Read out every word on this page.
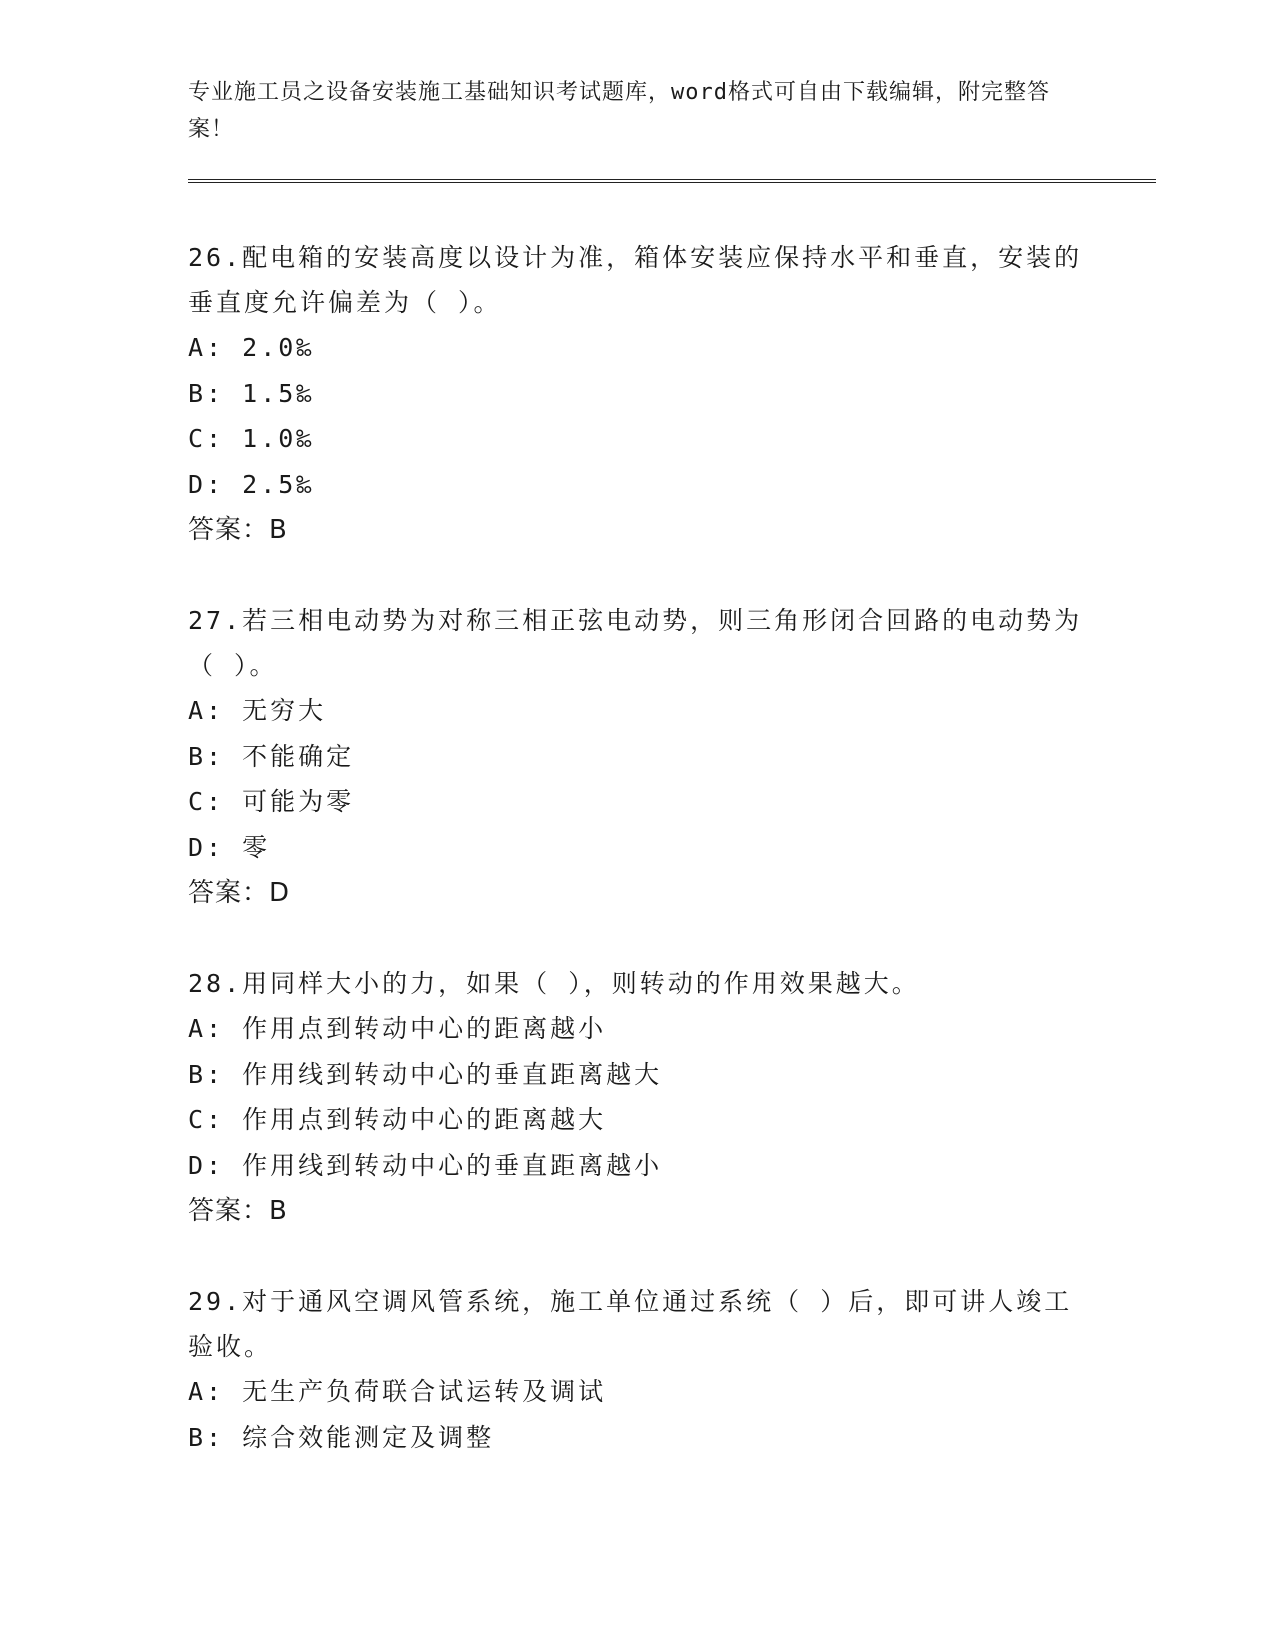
专业施工员之设备安装施工基础知识考试题库，word格式可自由下载编辑，附完整答案！

26.配电箱的安装高度以设计为准，箱体安装应保持水平和垂直，安装的垂直度允许偏差为（ ）。

A: 2.0‰

B: 1.5‰

C: 1.0‰

D: 2.5‰

答案：B

27.若三相电动势为对称三相正弦电动势，则三角形闭合回路的电动势为（ ）。

A: 无穷大

B: 不能确定

C: 可能为零

D: 零

答案：D

28.用同样大小的力，如果（ ），则转动的作用效果越大。

A: 作用点到转动中心的距离越小

B: 作用线到转动中心的垂直距离越大

C: 作用点到转动中心的距离越大

D: 作用线到转动中心的垂直距离越小

答案：B

29.对于通风空调风管系统，施工单位通过系统（ ）后，即可讲人竣工验收。

A: 无生产负荷联合试运转及调试

B: 综合效能测定及调整
